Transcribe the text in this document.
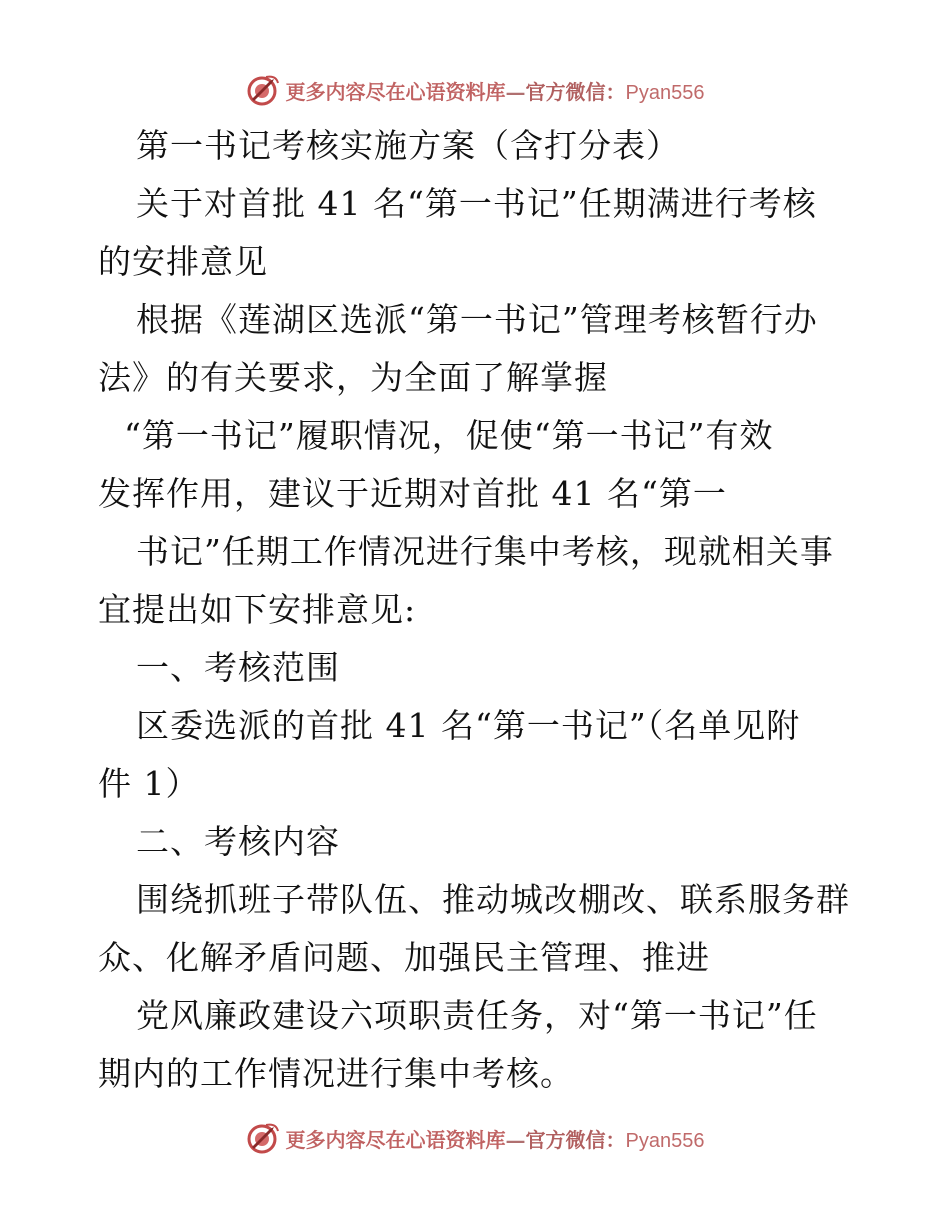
更多内容尽在心语资料库—官方微信：Pyan556
第一书记考核实施方案（含打分表）
关于对首批 41 名“第一书记”任期满进行考核
的安排意见
根据《莲湖区选派“第一书记”管理考核暂行办
法》的有关要求，为全面了解掌握
“第一书记”履职情况，促使“第一书记”有效
发挥作用，建议于近期对首批 41 名“第一
书记”任期工作情况进行集中考核，现就相关事
宜提出如下安排意见:
一、考核范围
区委选派的首批 41 名“第一书记”（名单见附
件 1）
二、考核内容
围绕抓班子带队伍、推动城改棚改、联系服务群
众、化解矛盾问题、加强民主管理、推进
党风廉政建设六项职责任务，对“第一书记”任
期内的工作情况进行集中考核。
更多内容尽在心语资料库—官方微信：Pyan556
